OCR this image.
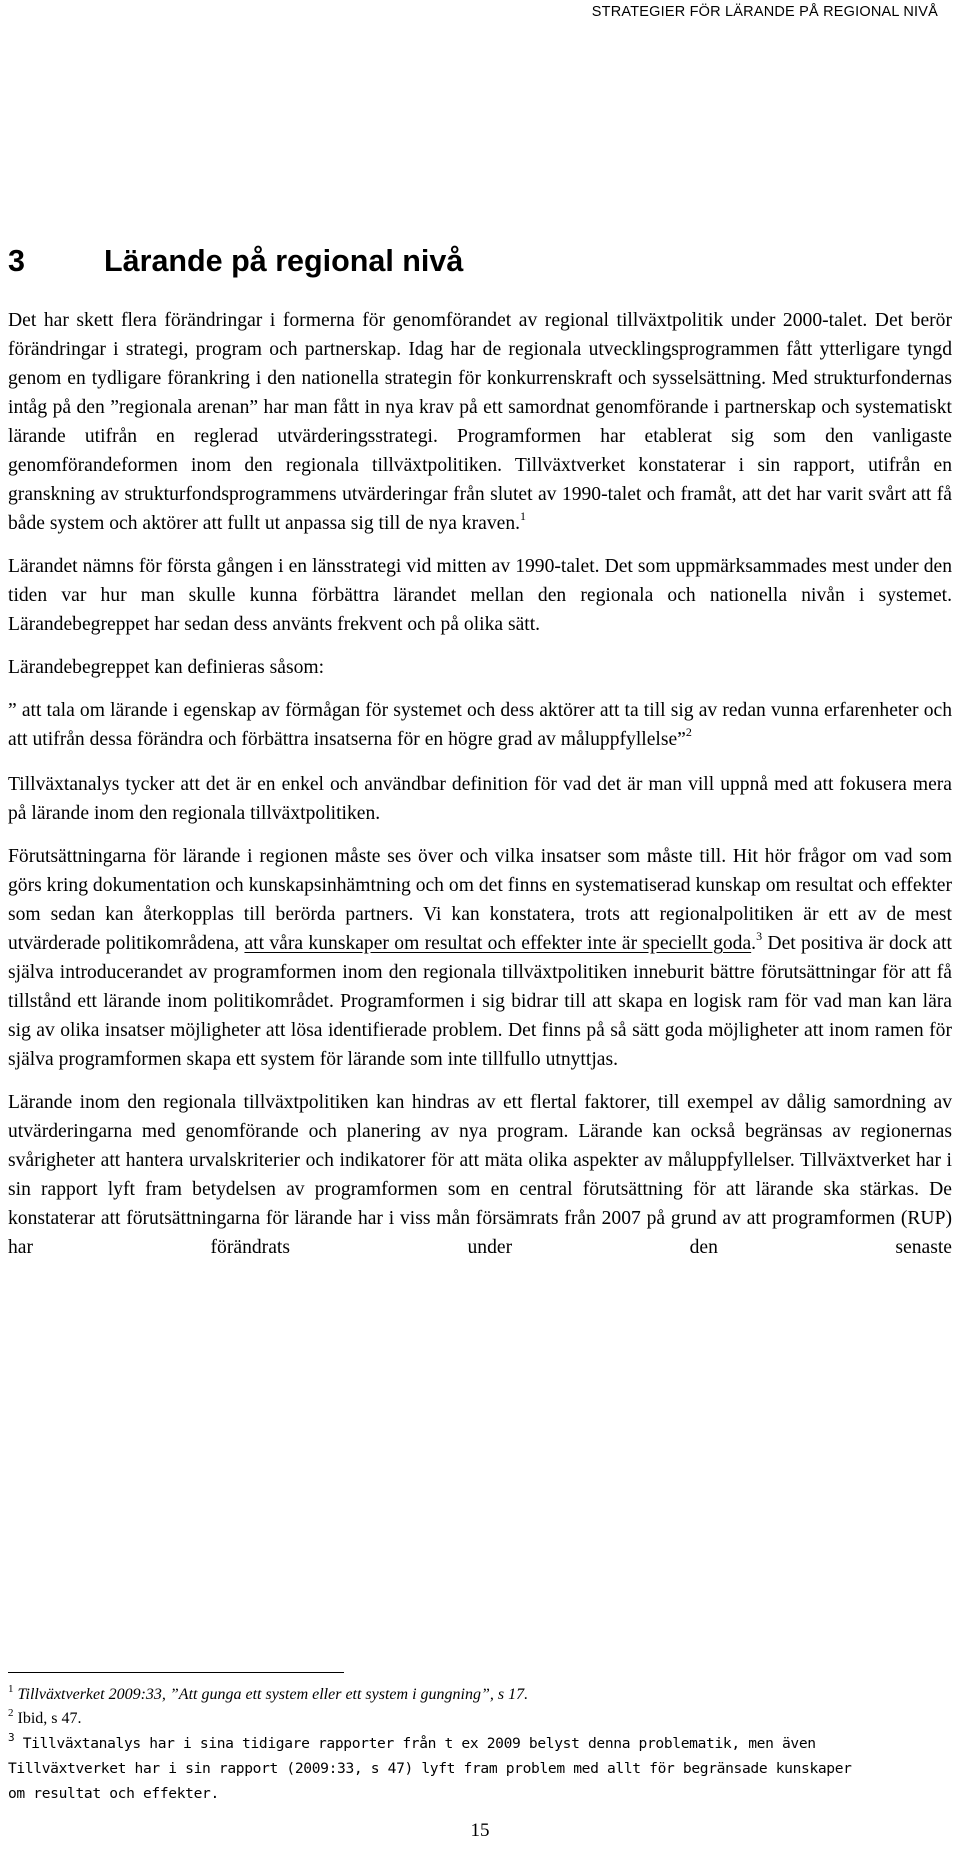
STRATEGIER FÖR LÄRANDE PÅ REGIONAL NIVÅ
3	Lärande på regional nivå

Det har skett flera förändringar i formerna för genomförandet av regional tillväxtpolitik under 2000-talet. Det berör förändringar i strategi, program och partnerskap. Idag har de regionala utvecklingsprogrammen fått ytterligare tyngd genom en tydligare förankring i den nationella strategin för konkurrenskraft och sysselsättning. Med strukturfondernas intåg på den ”regionala arenan” har man fått in nya krav på ett samordnat genomförande i partnerskap och systematiskt lärande utifrån en reglerad utvärderingsstrategi. Programformen har etablerat sig som den vanligaste genomförandeformen inom den regionala tillväxtpolitiken. Tillväxtverket konstaterar i sin rapport, utifrån en granskning av strukturfondsprogrammens utvärderingar från slutet av 1990-talet och framåt, att det har varit svårt att få både system och aktörer att fullt ut anpassa sig till de nya kraven.$^1$

Lärandet nämns för första gången i en länsstrategi vid mitten av 1990-talet. Det som uppmärksammades mest under den tiden var hur man skulle kunna förbättra lärandet mellan den regionala och nationella nivån i systemet. Lärandebegreppet har sedan dess använts frekvent och på olika sätt.

Lärandebegreppet kan definieras såsom:

” att tala om lärande i egenskap av förmågan för systemet och dess aktörer att ta till sig av redan vunna erfarenheter och att utifrån dessa förändra och förbättra insatserna för en högre grad av måluppfyllelse”$^2$

Tillväxtanalys tycker att det är en enkel och användbar definition för vad det är man vill uppnå med att fokusera mera på lärande inom den regionala tillväxtpolitiken.

Förutsättningarna för lärande i regionen måste ses över och vilka insatser som måste till. Hit hör frågor om vad som görs kring dokumentation och kunskapsinhämtning och om det finns en systematiserad kunskap om resultat och effekter som sedan kan återkopplas till berörda partners. Vi kan konstatera, trots att regionalpolitiken är ett av de mest utvärderade politikområdena, att våra kunskaper om resultat och effekter inte är speciellt goda.$^3$ Det positiva är dock att själva introducerandet av programformen inom den regionala tillväxtpolitiken inneburit bättre förutsättningar för att få tillstånd ett lärande inom politikområdet. Programformen i sig bidrar till att skapa en logisk ram för vad man kan lära sig av olika insatser möjligheter att lösa identifierade problem. Det finns på så sätt goda möjligheter att inom ramen för själva programformen skapa ett system för lärande som inte tillfullo utnyttjas.

Lärande inom den regionala tillväxtpolitiken kan hindras av ett flertal faktorer, till exempel av dålig samordning av utvärderingarna med genomförande och planering av nya program. Lärande kan också begränsas av regionernas svårigheter att hantera urvalskriterier och indikatorer för att mäta olika aspekter av måluppfyllelser. Tillväxtverket har i sin rapport lyft fram betydelsen av programformen som en central förutsättning för att lärande ska stärkas. De konstaterar att förutsättningarna för lärande har i viss mån försämrats från 2007 på grund av att programformen (RUP) har förändrats under den senaste

$^1$ Tillväxtverket 2009:33, ”Att gunga ett system eller ett system i gungning”, s 17.
$^2$ Ibid, s 47.
$^3$ Tillväxtanalys har i sina tidigare rapporter från t ex 2009 belyst denna problematik, men även
Tillväxtverket har i sin rapport (2009:33, s 47) lyft fram problem med allt för begränsade kunskaper
om resultat och effekter.
15
